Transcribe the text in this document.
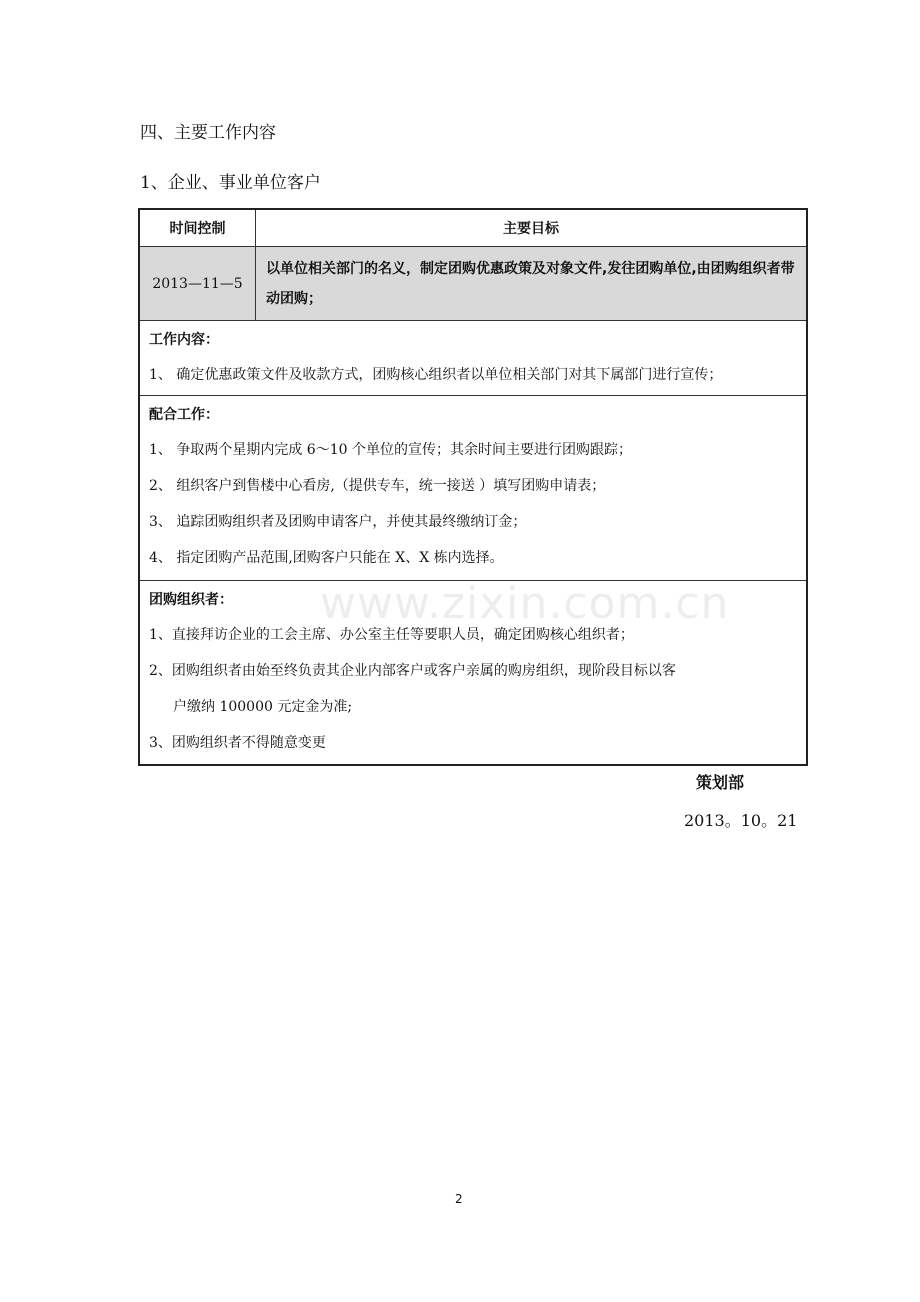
四、主要工作内容
1、企业、事业单位客户
时间控制	主要目标
2013—11—5
以单位相关部门的名义，制定团购优惠政策及对象文件,发往团购单位,由团购组织者带动团购；
工作内容：
1、 确定优惠政策文件及收款方式，团购核心组织者以单位相关部门对其下属部门进行宣传；
配合工作：
1、 争取两个星期内完成 6～10 个单位的宣传；其余时间主要进行团购跟踪；
2、 组织客户到售楼中心看房,（提供专车，统一接送 ）填写团购申请表；
3、 追踪团购组织者及团购申请客户，并使其最终缴纳订金；
4、 指定团购产品范围,团购客户只能在 X、X 栋内选择。
团购组织者：
1、直接拜访企业的工会主席、办公室主任等要职人员，确定团购核心组织者；
2、团购组织者由始至终负责其企业内部客户或客户亲属的购房组织，现阶段目标以客
户缴纳 100000 元定金为准;
3、团购组织者不得随意变更
www.zixin.com.cn
策划部
2013。10。21
2
